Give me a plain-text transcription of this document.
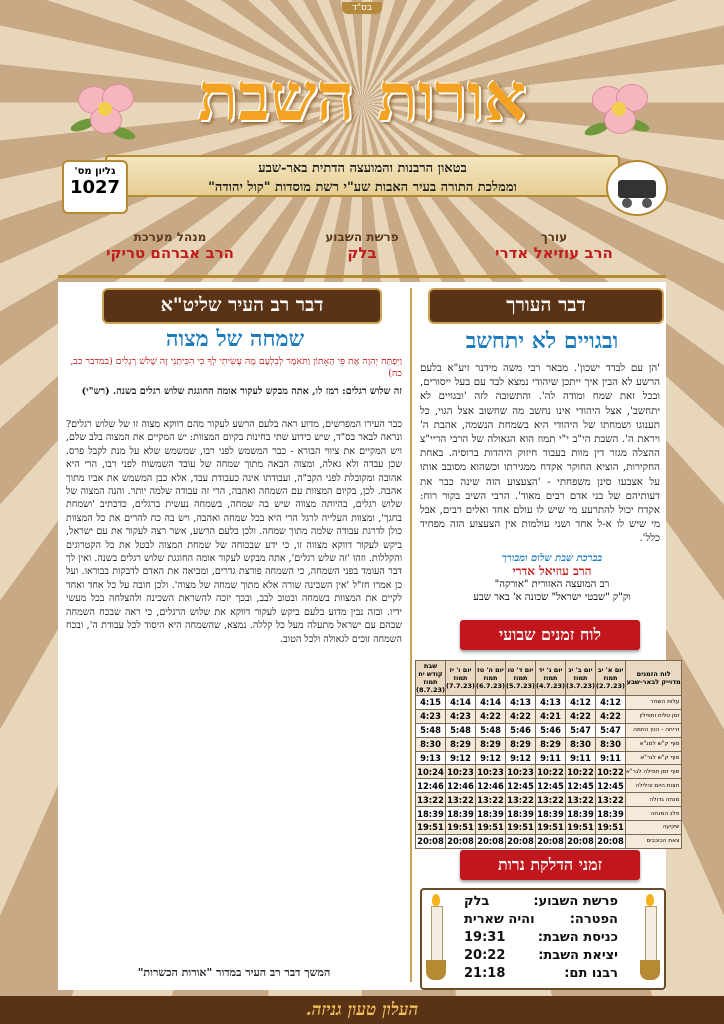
בס"ד
אורות השבת
בטאון הרבנות והמועצה הדתית באר-שבע
וממלכת התורה בעיר האבות שע"י רשת מוסדות "קול יהודה"
גליון מס'
1027
עורך
הרב עוזיאל אדרי
פרשת השבוע
בלק
מנהל מערכת
הרב אברהם טריקי
דבר העורך
ובגויים לא יתחשב
'הן עם לבדד ישכון'. מבאר רבי משה מידנר זיע"א בלעם הרשע לא הבין איך ייתכן שיהודי נמצא לבד עם בעל ייסורים, ובכל זאת שמח ומודה לה'. והתשובה לזה 'ובגויים לא יתחשב', אצל היהודי אינו נחשב מה שחשוב אצל הגוי, כל תענוגו ושמחתו של היהודי היא בשמחת הנשמה, אהבת ה' ויראת ה'. השבת הי"ב י"י תמוז הוא הגאולה של הרבי הריי"צ ההצלה מגזר דין מוות בעבור חיזוק היהדות ברוסיה. באחת החקירות, הוציא החוקר אקדח ממגירתו וכשהוא מסובב אותו על אצבעו סינן משפחתי - 'הצעצוע הזה שינה כבר את דעותיהם של בני אדם רבים מאוד'. הרבי השיב בקור רוח: אקדח יכול להתרעע מי שיש לו עולם אחד ואלים רבים, אבל מי שיש לו א-ל אחד ושני עולמות אין הצעצוע הזה מפחיד כלל'.
בברכת שבת שלום ומבורך
הרב עוזיאל אדרי
רב המועצה האזורית "אורקה"
וק"ק "שבטי ישראל" שכונה א' באר שבע
לוח זמנים שבועי
לוח הזמנים מדוייק לבאר-שבע	יום א' יב תמוז (2.7.23)	יום ב' יג תמוז (3.7.23)	יום ג' יד תמוז (4.7.23)	יום ד' טו תמוז (5.7.23)	יום ה' טז תמוז (6.7.23)	יום ו' יז תמוז (7.7.23)	שבת קודש יח תמוז (8.7.23)
עלות השחר	4:12	4:12	4:13	4:13	4:14	4:14	4:15
זמן טלית ותפילין	4:22	4:22	4:21	4:22	4:22	4:23	4:23
זריחה - הנץ החמה	5:47	5:47	5:46	5:46	5:48	5:48	5:48
סוף ק"ש למג"א	8:30	8:30	8:29	8:29	8:29	8:29	8:30
סוף ק"ש לגר"א	9:11	9:11	9:11	9:12	9:12	9:12	9:13
סוף זמן תפילה לגר"א	10:22	10:22	10:22	10:23	10:23	10:23	10:24
חצות היום והלילה	12:45	12:45	12:45	12:45	12:46	12:46	12:46
מנחה גדולה	13:22	13:22	13:22	13:22	13:22	13:22	13:22
פלג המנחה	18:39	18:39	18:39	18:39	18:39	18:39	18:39
שקיעה	19:51	19:51	19:51	19:51	19:51	19:51	19:51
צאת הכוכבים	20:08	20:08	20:08	20:08	20:08	20:08	20:08
זמני הדלקת נרות
פרשת השבוע:
בלק
הפטרה:
והיה שארית
כניסת השבת:
19:31
יציאת השבת:
20:22
רבנו תם:
21:18
דבר רב העיר שליט"א
שמחה של מצוה
וַיִּפְתַּח יְהוָה אֶת פִּי הָאָתוֹן וַתֹּאמֶר לְבִלְעָם מֶה עָשִׂיתִי לְךָ כִּי הִכִּיתַנִי זֶה שָׁלֹשׁ רְגָלִים (במדבר כב, כח)
זה שלוש רגלים: רמז לו, אתה מבקש לעקור אומה החוגגת שלוש רגלים בשנה. (רש"י)
כבר העירו המפרשים, מדוע ראה בלעם הרשע לעקור מהם דווקא מצוה זו של שלוש רגלים? ונראה לבאר בס"ד, שיש כידוע שתי בחינות בקיום המצוות: יש המקיים את המצוה בלב שלם, ויש המקיים את ציווי הבורא - כבר המשמש לפני רבו, שמשמש שלא על מנת לקבל פרס. שכן עבדה ולא גאלה, ומצוה הבאה מתוך שמחה של עובד השמשוח לפני רבו, הרי היא אהובה ומקובלת לפני הקב"ה, ועבודתו אינה כעבודת עבד, אלא כבן המשמש את אביו מתוך אהבה. לכן, בקיום המצוות עם השמחה ואהבה, הרי זה עבודה שלמה יותר. והנה המצוה של שלוש רגלים, בהיותה מצווה שיש בה שמחה, בשמחה נעשית ברגלים, כדכתיב 'ושמחת בחגך', ומצוות העלייה לרגל הרי היא בכל שמחה ואהבה, ויש בה כח להרים את כל המצוות כולן לדרגת עבודה שלמה מתוך שמחה. ולכן בלעם הרשע, אשר רצה לעקור את עם ישראל, ביקש לעקור דווקא מצווה זו, כי ידע שבכוחה של שמחת המצוה לבטל את כל הקטרוגים והקללות. וזהו 'זה שלש רגלים', אתה מבקש לעקור אומה החוגגת שלוש רגלים בשנה. ואין לך דבר העומד בפני השמחה, כי השמחה פורצת גדרים, ומביאה את האדם לדבקות בבוראו. ועל כן אמרו חז"ל 'אין השכינה שורה אלא מתוך שמחה של מצוה'. ולכן חובה על כל אחד ואחד לקיים את המצוות בשמחה ובטוב לבב, ובכך יזכה להשראת השכינה ולהצלחה בכל מעשי ידיו. ובזה נבין מדוע בלעם ביקש לעקור דווקא את שלוש הרגלים, כי ראה שבכח השמחה שבהם עם ישראל מתעלה מעל כל קללה. נמצא, שהשמחה היא היסוד לכל עבודת ה', ובכח השמחה זוכים לגאולה ולכל הטוב.
המשך דבר רב העיר במדור "אורות הכשרות"
העלון טעון גניזה.
